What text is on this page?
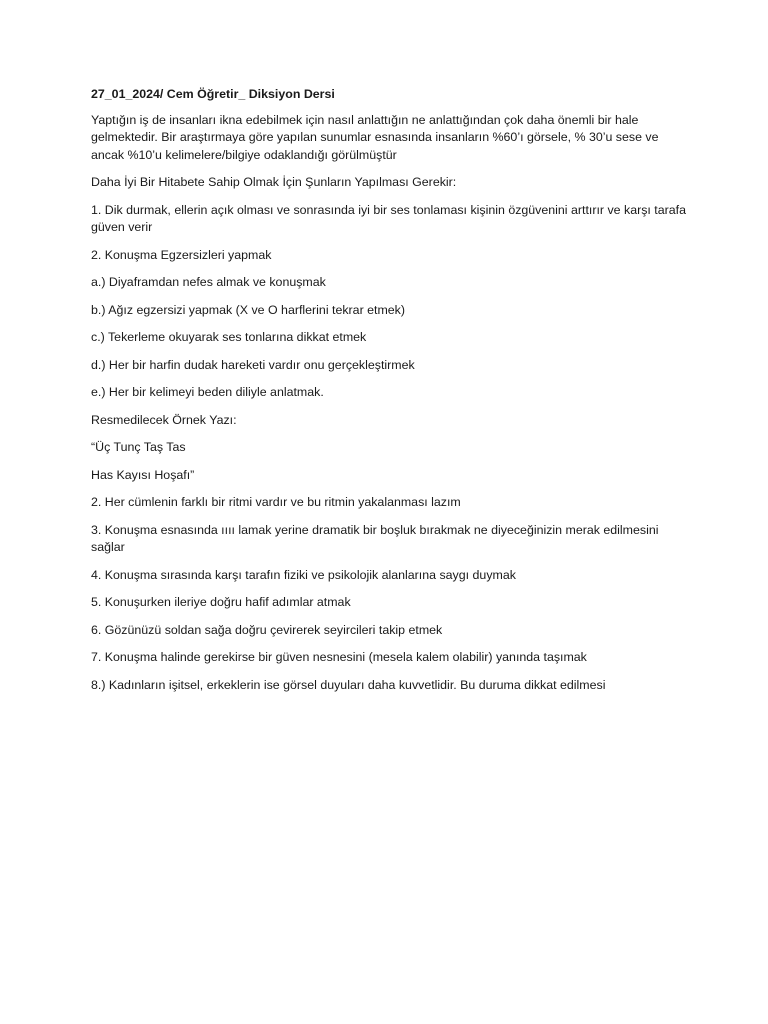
27_01_2024/ Cem Öğretir_ Diksiyon Dersi

Yaptığın iş de insanları ikna edebilmek için nasıl anlattığın ne anlattığından çok daha önemli bir hale gelmektedir. Bir araştırmaya göre yapılan sunumlar esnasında insanların %60’ı görsele, % 30’u sese ve ancak %10’u kelimelere/bilgiye odaklandığı görülmüştür

Daha İyi Bir Hitabete Sahip Olmak İçin Şunların Yapılması Gerekir:

1. Dik durmak, ellerin açık olması ve sonrasında iyi bir ses tonlaması kişinin özgüvenini arttırır ve karşı tarafa güven verir

2. Konuşma Egzersizleri yapmak

a.) Diyaframdan nefes almak ve konuşmak

b.) Ağız egzersizi yapmak (X ve O harflerini tekrar etmek)

c.) Tekerleme okuyarak ses tonlarına dikkat etmek

d.) Her bir harfin dudak hareketi vardır onu gerçekleştirmek

e.) Her bir kelimeyi beden diliyle anlatmak.

Resmedilecek Örnek Yazı:

“Üç Tunç Taş Tas

Has Kayısı Hoşafı”

2. Her cümlenin farklı bir ritmi vardır ve bu ritmin yakalanması lazım

3. Konuşma esnasında ıııı lamak yerine dramatik bir boşluk bırakmak ne diyeceğinizin merak edilmesini sağlar

4. Konuşma sırasında karşı tarafın fiziki ve psikolojik alanlarına saygı duymak

5. Konuşurken ileriye doğru hafif adımlar atmak

6. Gözünüzü soldan sağa doğru çevirerek seyircileri takip etmek

7. Konuşma halinde gerekirse bir güven nesnesini (mesela kalem olabilir) yanında taşımak

8.) Kadınların işitsel, erkeklerin ise görsel duyuları daha kuvvetlidir. Bu duruma dikkat edilmesi
